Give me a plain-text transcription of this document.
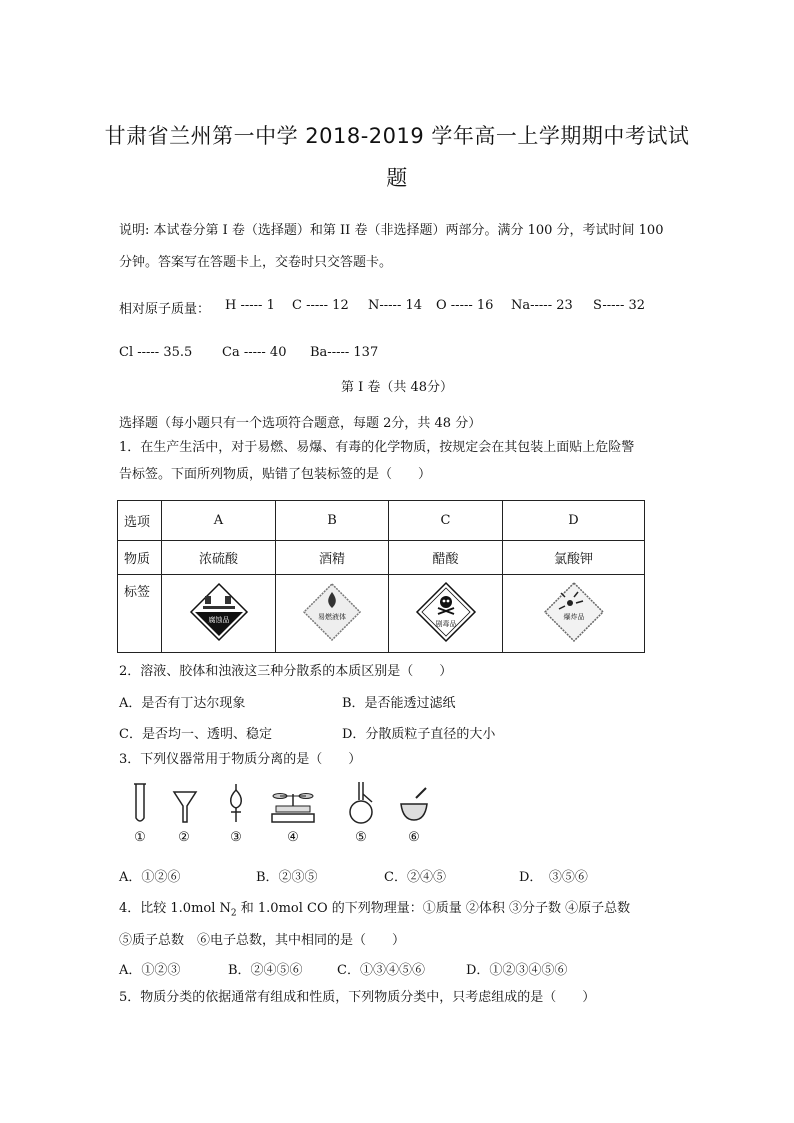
甘肃省兰州第一中学 2018-2019 学年高一上学期期中考试试
题
说明: 本试卷分第 I 卷（选择题）和第 II 卷（非选择题）两部分。满分 100 分，考试时间 100
分钟。答案写在答题卡上，交卷时只交答题卡。
相对原子质量： H ----- 1 C ----- 12 N----- 14 O ----- 16 Na----- 23 S----- 32
Cl ----- 35.5 Ca ----- 40 Ba----- 137
第 I 卷（共 48分）
选择题（每小题只有一个选项符合题意，每题 2分，共 48 分）
1．在生产生活中，对于易燃、易爆、有毒的化学物质，按规定会在其包装上面贴上危险警
告标签。下面所列物质，贴错了包装标签的是（　　）
选项	A	B	C	D
物质	浓硫酸	酒精	醋酸	氯酸钾
标签	腐蚀品	易燃液体	剧毒品	爆炸品
2．溶液、胶体和浊液这三种分散系的本质区别是（　　）
A．是否有丁达尔现象	B．是否能透过滤纸
C．是否均一、透明、稳定	D．分散质粒子直径的大小
3．下列仪器常用于物质分离的是（　　）
①	②	③	④	⑤	⑥
A．①②⑥	B．②③⑤	C．②④⑤	D．　③⑤⑥
4．比较 1.0mol $N_2$ 和 1.0mol CO 的下列物理量：①质量 ②体积 ③分子数 ④原子总数
⑤质子总数　⑥电子总数，其中相同的是（　　）
A．①②③	B．②④⑤⑥	C．①③④⑤⑥	D．①②③④⑤⑥
5．物质分类的依据通常有组成和性质，下列物质分类中，只考虑组成的是（　　）
